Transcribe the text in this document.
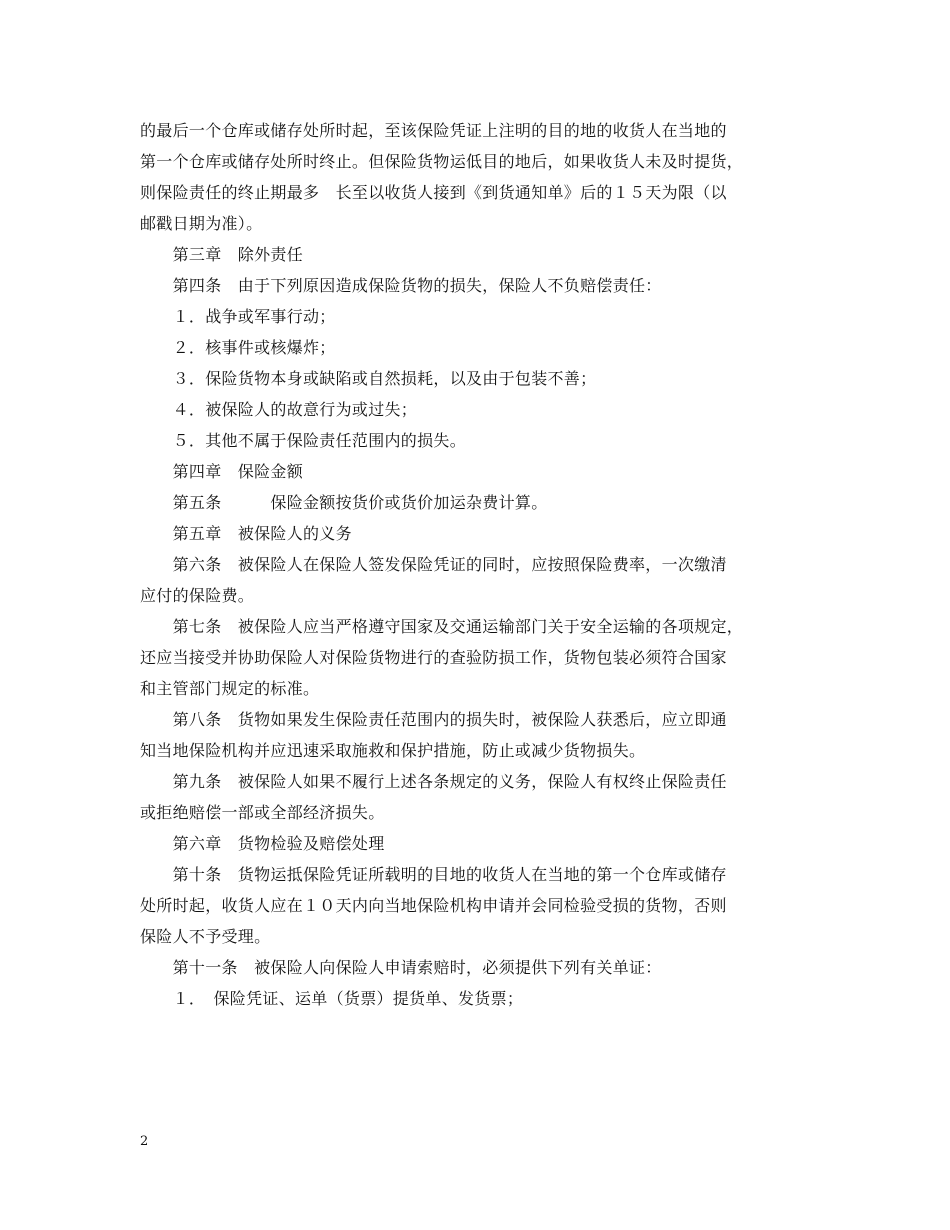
的最后一个仓库或储存处所时起，至该保险凭证上注明的目的地的收货人在当地的
第一个仓库或储存处所时终止。但保险货物运低目的地后，如果收货人未及时提货，
则保险责任的终止期最多　长至以收货人接到《到货通知单》后的１５天为限（以
邮戳日期为准）。
　　第三章　除外责任
　　第四条　由于下列原因造成保险货物的损失，保险人不负赔偿责任：
　　１．战争或军事行动；
　　２．核事件或核爆炸；
　　３．保险货物本身或缺陷或自然损耗，以及由于包装不善；
　　４．被保险人的故意行为或过失；
　　５．其他不属于保险责任范围内的损失。
　　第四章　保险金额
　　第五条　　　保险金额按货价或货价加运杂费计算。
　　第五章　被保险人的义务
　　第六条　被保险人在保险人签发保险凭证的同时，应按照保险费率，一次缴清
应付的保险费。
　　第七条　被保险人应当严格遵守国家及交通运输部门关于安全运输的各项规定，
还应当接受并协助保险人对保险货物进行的查验防损工作，货物包装必须符合国家
和主管部门规定的标准。
　　第八条　货物如果发生保险责任范围内的损失时，被保险人获悉后，应立即通
知当地保险机构并应迅速采取施救和保护措施，防止或减少货物损失。
　　第九条　被保险人如果不履行上述各条规定的义务，保险人有权终止保险责任
或拒绝赔偿一部或全部经济损失。
　　第六章　货物检验及赔偿处理
　　第十条　货物运抵保险凭证所载明的目地的收货人在当地的第一个仓库或储存
处所时起，收货人应在１０天内向当地保险机构申请并会同检验受损的货物，否则
保险人不予受理。
　　第十一条　被保险人向保险人申请索赔时，必须提供下列有关单证：
　　１．　保险凭证、运单（货票）提货单、发货票；
2
